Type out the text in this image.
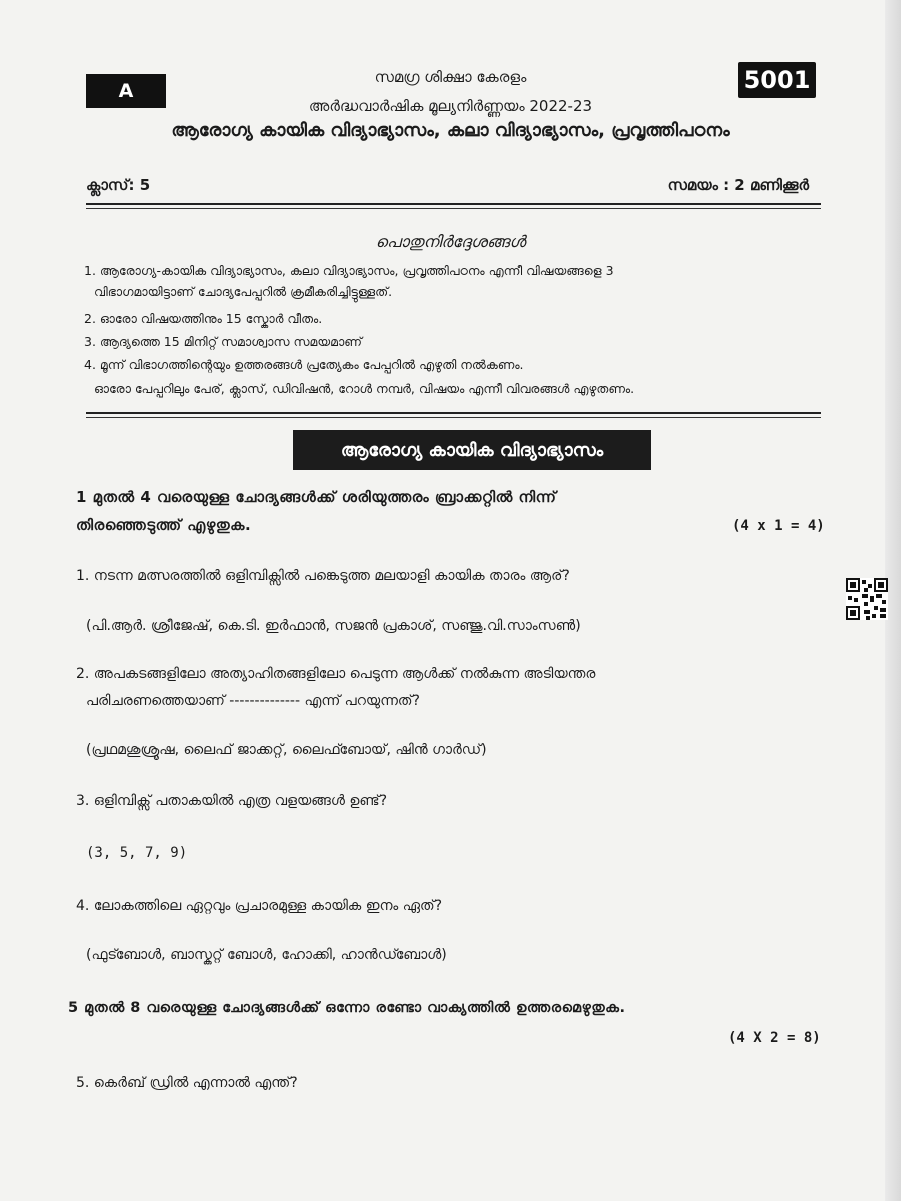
A	5001
സമഗ്ര ശിക്ഷാ കേരളം
അർദ്ധവാർഷിക മൂല്യനിർണ്ണയം 2022-23
ആരോഗ്യ കായിക വിദ്യാഭ്യാസം, കലാ വിദ്യാഭ്യാസം, പ്രവൃത്തിപഠനം
ക്ലാസ്: 5	സമയം : 2 മണിക്കൂർ
പൊതുനിർദ്ദേശങ്ങൾ
1. ആരോഗ്യ-കായിക വിദ്യാഭ്യാസം, കലാ വിദ്യാഭ്യാസം, പ്രവൃത്തിപഠനം എന്നീ വിഷയങ്ങളെ 3
വിഭാഗമായിട്ടാണ് ചോദ്യപേപ്പറിൽ ക്രമീകരിച്ചിട്ടുള്ളത്.
2. ഓരോ വിഷയത്തിനും 15 സ്കോർ വീതം.
3. ആദ്യത്തെ 15 മിനിറ്റ് സമാശ്വാസ സമയമാണ്
4. മൂന്ന് വിഭാഗത്തിന്റെയും ഉത്തരങ്ങൾ പ്രത്യേകം പേപ്പറിൽ എഴുതി നൽകണം.
ഓരോ പേപ്പറിലും പേര്, ക്ലാസ്, ഡിവിഷൻ, റോൾ നമ്പർ, വിഷയം എന്നീ വിവരങ്ങൾ എഴുതണം.
ആരോഗ്യ കായിക വിദ്യാഭ്യാസം
1 മുതൽ 4 വരെയുള്ള ചോദ്യങ്ങൾക്ക് ശരിയുത്തരം ബ്രാക്കറ്റിൽ നിന്ന്
തിരഞ്ഞെടുത്ത് എഴുതുക.	(4 x 1 = 4)
1. നടന്ന മത്സരത്തിൽ ഒളിമ്പിക്സിൽ പങ്കെടുത്ത മലയാളി കായിക താരം ആര്?
(പി.ആർ. ശ്രീജേഷ്, കെ.ടി. ഇർഫാൻ, സജൻ പ്രകാശ്, സഞ്ജു.വി.സാംസൺ)
2. അപകടങ്ങളിലോ അത്യാഹിതങ്ങളിലോ പെടുന്ന ആൾക്ക് നൽകുന്ന അടിയന്തര
പരിചരണത്തെയാണ് -------------- എന്ന് പറയുന്നത്?
(പ്രഥമശുശ്രൂഷ, ലൈഫ് ജാക്കറ്റ്, ലൈഫ്ബോയ്, ഷിൻ ഗാർഡ്)
3. ഒളിമ്പിക്സ് പതാകയിൽ എത്ര വളയങ്ങൾ ഉണ്ട്?
(3, 5, 7, 9)
4. ലോകത്തിലെ ഏറ്റവും പ്രചാരമുള്ള കായിക ഇനം ഏത്?
(ഫുട്ബോൾ, ബാസ്കറ്റ് ബോൾ, ഹോക്കി, ഹാൻഡ്ബോൾ)
5 മുതൽ 8 വരെയുള്ള ചോദ്യങ്ങൾക്ക് ഒന്നോ രണ്ടോ വാക്യത്തിൽ ഉത്തരമെഴുതുക.
(4 X 2 = 8)
5. കെർബ് ഡ്രിൽ എന്നാൽ എന്ത്?
